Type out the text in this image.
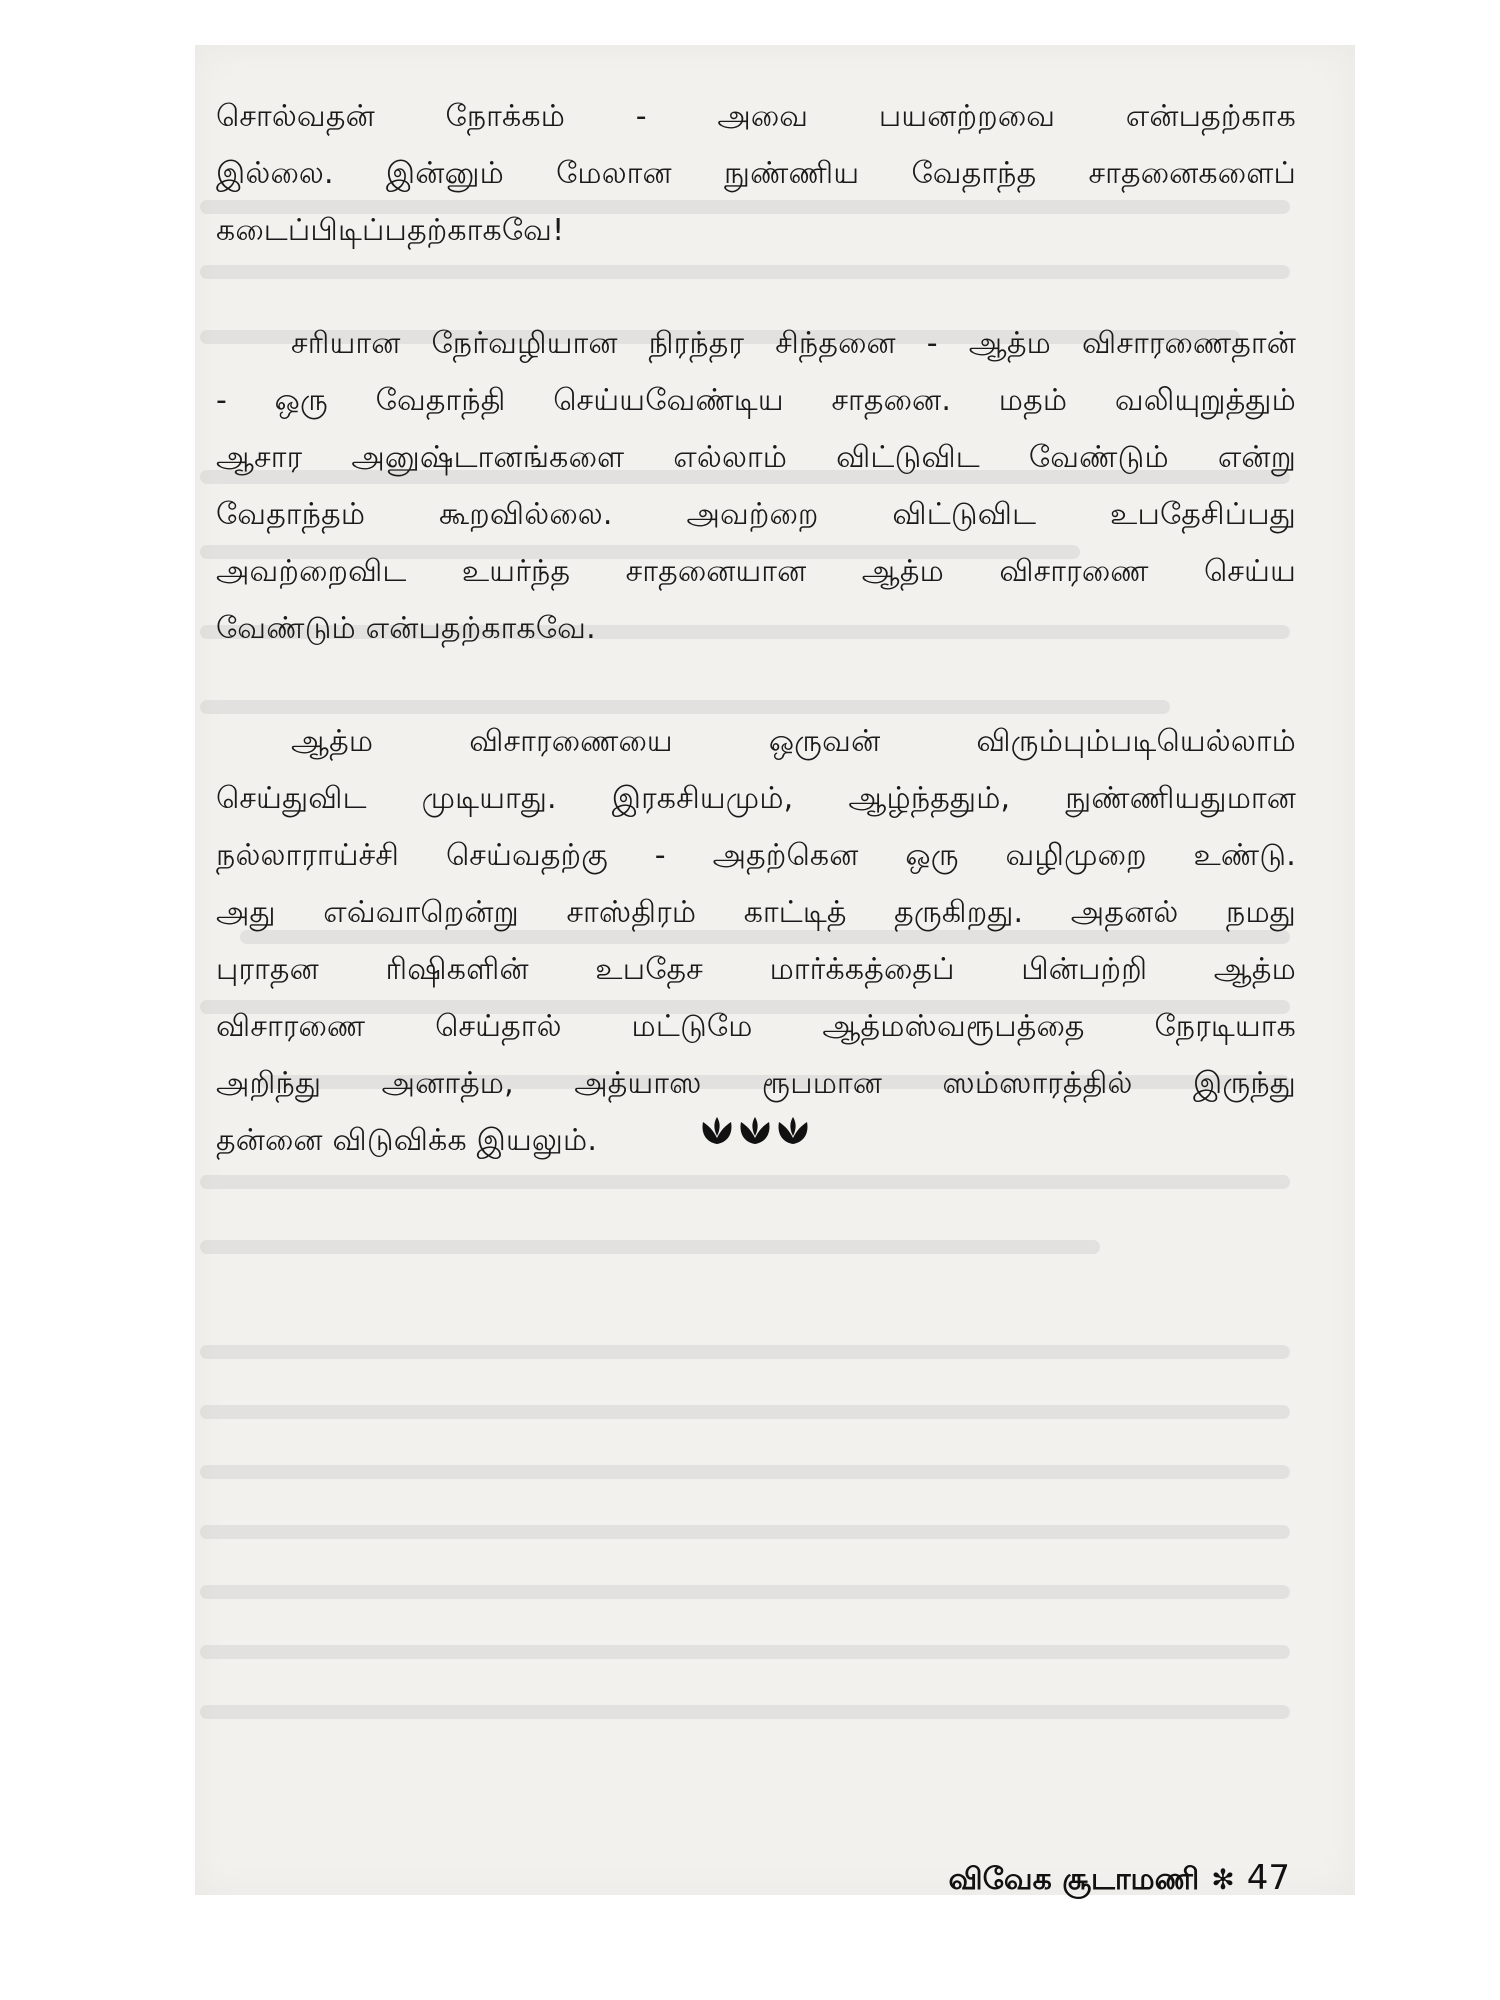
சொல்வதன் நோக்கம் - அவை பயனற்றவை என்பதற்காக
இல்லை. இன்னும் மேலான நுண்ணிய வேதாந்த சாதனைகளைப்
கடைப்பிடிப்பதற்காகவே!
சரியான நேர்வழியான நிரந்தர சிந்தனை - ஆத்ம விசாரணைதான்
- ஒரு வேதாந்தி செய்யவேண்டிய சாதனை. மதம் வலியுறுத்தும்
ஆசார அனுஷ்டானங்களை எல்லாம் விட்டுவிட வேண்டும் என்று
வேதாந்தம் கூறவில்லை. அவற்றை விட்டுவிட உபதேசிப்பது
அவற்றைவிட உயர்ந்த சாதனையான ஆத்ம விசாரணை செய்ய
வேண்டும் என்பதற்காகவே.
ஆத்ம விசாரணையை ஒருவன் விரும்பும்படியெல்லாம்
செய்துவிட முடியாது. இரகசியமும், ஆழ்ந்ததும், நுண்ணியதுமான
நல்லாராய்ச்சி செய்வதற்கு - அதற்கென ஒரு வழிமுறை உண்டு.
அது எவ்வாறென்று சாஸ்திரம் காட்டித் தருகிறது. அதனல் நமது
புராதன ரிஷிகளின் உபதேச மார்க்கத்தைப் பின்பற்றி ஆத்ம
விசாரணை செய்தால் மட்டுமே ஆத்மஸ்வரூபத்தை நேரடியாக
அறிந்து அனாத்ம, அத்யாஸ ரூபமான ஸம்ஸாரத்தில் இருந்து
தன்னை விடுவிக்க இயலும்.
விவேக சூடாமணி ✻ 47
